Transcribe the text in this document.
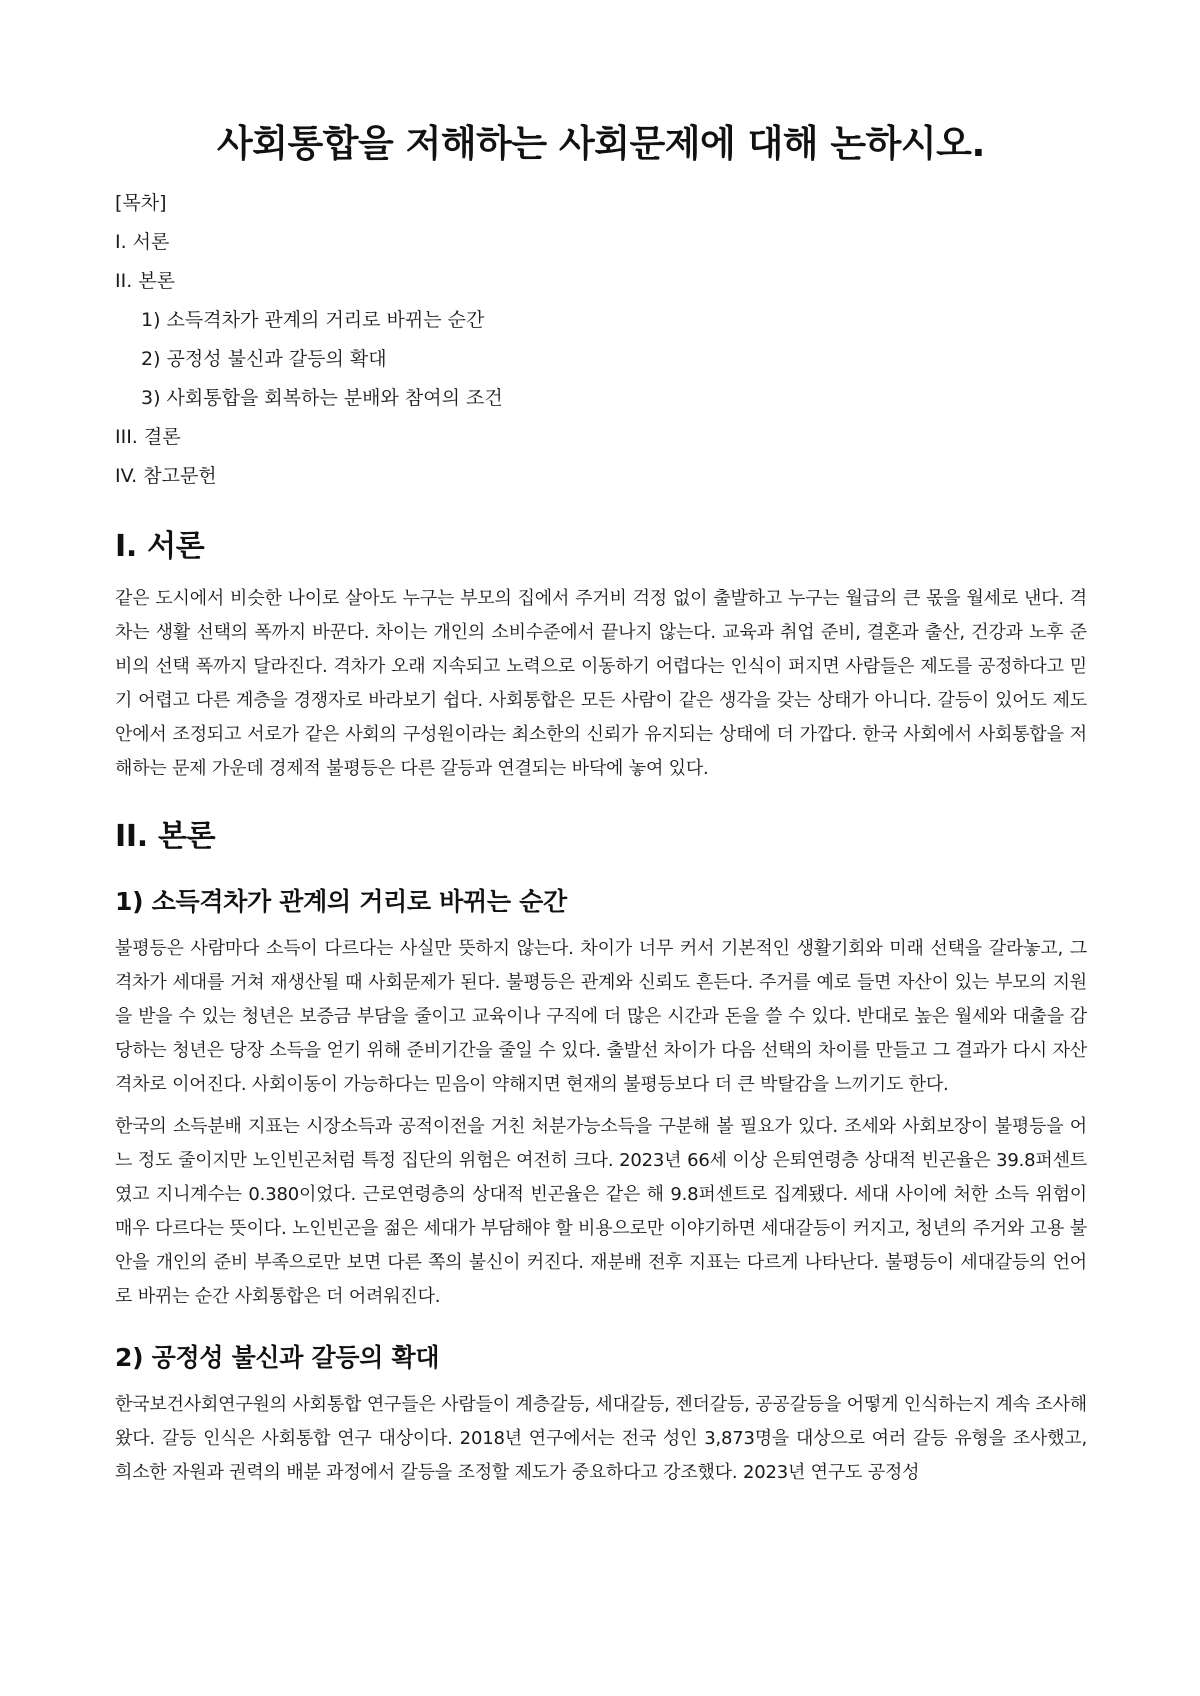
사회통합을 저해하는 사회문제에 대해 논하시오.
[목차]
I. 서론
II. 본론
1) 소득격차가 관계의 거리로 바뀌는 순간
2) 공정성 불신과 갈등의 확대
3) 사회통합을 회복하는 분배와 참여의 조건
III. 결론
IV. 참고문헌
I. 서론

같은 도시에서 비슷한 나이로 살아도 누구는 부모의 집에서 주거비 걱정 없이 출발하고 누구는 월급의 큰 몫을 월세로 낸다. 격차는 생활 선택의 폭까지 바꾼다. 차이는 개인의 소비수준에서 끝나지 않는다. 교육과 취업 준비, 결혼과 출산, 건강과 노후 준비의 선택 폭까지 달라진다. 격차가 오래 지속되고 노력으로 이동하기 어렵다는 인식이 퍼지면 사람들은 제도를 공정하다고 믿기 어렵고 다른 계층을 경쟁자로 바라보기 쉽다. 사회통합은 모든 사람이 같은 생각을 갖는 상태가 아니다. 갈등이 있어도 제도 안에서 조정되고 서로가 같은 사회의 구성원이라는 최소한의 신뢰가 유지되는 상태에 더 가깝다. 한국 사회에서 사회통합을 저해하는 문제 가운데 경제적 불평등은 다른 갈등과 연결되는 바닥에 놓여 있다.

II. 본론
1) 소득격차가 관계의 거리로 바뀌는 순간

불평등은 사람마다 소득이 다르다는 사실만 뜻하지 않는다. 차이가 너무 커서 기본적인 생활기회와 미래 선택을 갈라놓고, 그 격차가 세대를 거쳐 재생산될 때 사회문제가 된다. 불평등은 관계와 신뢰도 흔든다. 주거를 예로 들면 자산이 있는 부모의 지원을 받을 수 있는 청년은 보증금 부담을 줄이고 교육이나 구직에 더 많은 시간과 돈을 쓸 수 있다. 반대로 높은 월세와 대출을 감당하는 청년은 당장 소득을 얻기 위해 준비기간을 줄일 수 있다. 출발선 차이가 다음 선택의 차이를 만들고 그 결과가 다시 자산 격차로 이어진다. 사회이동이 가능하다는 믿음이 약해지면 현재의 불평등보다 더 큰 박탈감을 느끼기도 한다.

한국의 소득분배 지표는 시장소득과 공적이전을 거친 처분가능소득을 구분해 볼 필요가 있다. 조세와 사회보장이 불평등을 어느 정도 줄이지만 노인빈곤처럼 특정 집단의 위험은 여전히 크다. 2023년 66세 이상 은퇴연령층 상대적 빈곤율은 39.8퍼센트였고 지니계수는 0.380이었다. 근로연령층의 상대적 빈곤율은 같은 해 9.8퍼센트로 집계됐다. 세대 사이에 처한 소득 위험이 매우 다르다는 뜻이다. 노인빈곤을 젊은 세대가 부담해야 할 비용으로만 이야기하면 세대갈등이 커지고, 청년의 주거와 고용 불안을 개인의 준비 부족으로만 보면 다른 쪽의 불신이 커진다. 재분배 전후 지표는 다르게 나타난다. 불평등이 세대갈등의 언어로 바뀌는 순간 사회통합은 더 어려워진다.

2) 공정성 불신과 갈등의 확대

한국보건사회연구원의 사회통합 연구들은 사람들이 계층갈등, 세대갈등, 젠더갈등, 공공갈등을 어떻게 인식하는지 계속 조사해 왔다. 갈등 인식은 사회통합 연구 대상이다. 2018년 연구에서는 전국 성인 3,873명을 대상으로 여러 갈등 유형을 조사했고, 희소한 자원과 권력의 배분 과정에서 갈등을 조정할 제도가 중요하다고 강조했다. 2023년 연구도 공정성
